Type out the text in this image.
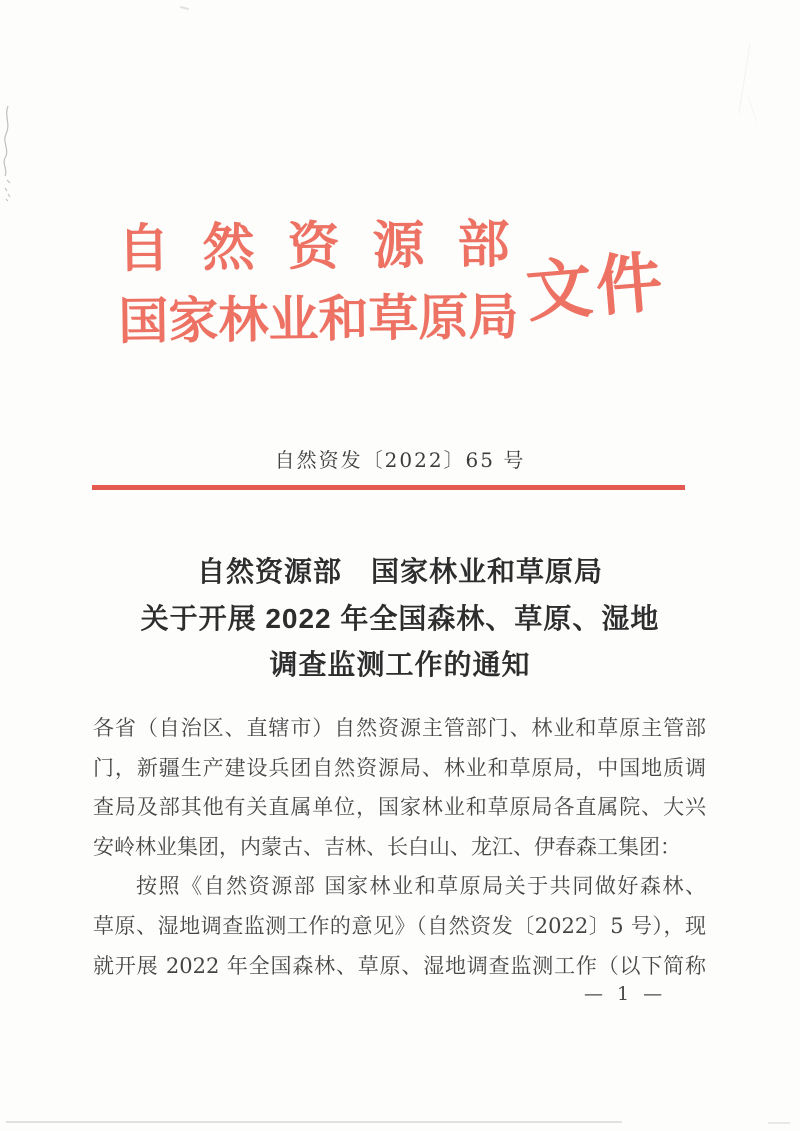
自然资源部
国家林业和草原局 文件
自然资发〔2022〕65 号
自然资源部　国家林业和草原局
关于开展 2022 年全国森林、草原、湿地
调查监测工作的通知
各省（自治区、直辖市）自然资源主管部门、林业和草原主管部
门，新疆生产建设兵团自然资源局、林业和草原局，中国地质调
查局及部其他有关直属单位，国家林业和草原局各直属院、大兴
安岭林业集团，内蒙古、吉林、长白山、龙江、伊春森工集团：
按照《自然资源部 国家林业和草原局关于共同做好森林、
草原、湿地调查监测工作的意见》（自然资发〔2022〕5 号），现
就开展 2022 年全国森林、草原、湿地调查监测工作（以下简称
— 1 —
